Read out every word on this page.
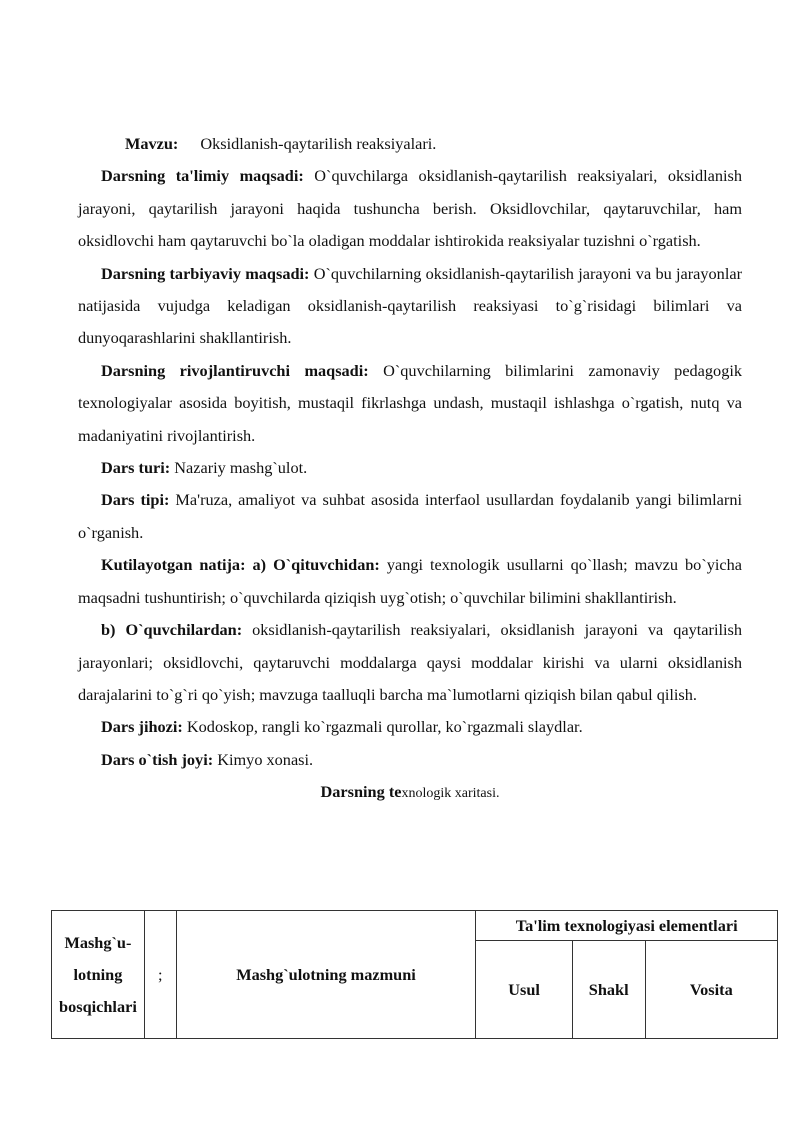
Mavzu: Oksidlanish-qaytarilish reaksiyalari.

Darsning ta'limiy maqsadi: O`quvchilarga oksidlanish-qaytarilish reaksiyalari, oksidlanish jarayoni, qaytarilish jarayoni haqida tushuncha berish. Oksidlovchilar, qaytaruvchilar, ham oksidlovchi ham qaytaruvchi bo`la oladigan moddalar ishtirokida reaksiyalar tuzishni o`rgatish.

Darsning tarbiyaviy maqsadi: O`quvchilarning oksidlanish-qaytarilish jarayoni va bu jarayonlar natijasida vujudga keladigan oksidlanish-qaytarilish reaksiyasi to`g`risidagi bilimlari va dunyoqarashlarini shakllantirish.

Darsning rivojlantiruvchi maqsadi: O`quvchilarning bilimlarini zamonaviy pedagogik texnologiyalar asosida boyitish, mustaqil fikrlashga undash, mustaqil ishlashga o`rgatish, nutq va madaniyatini rivojlantirish.

Dars turi: Nazariy mashg`ulot.

Dars tipi: Ma'ruza, amaliyot va suhbat asosida interfaol usullardan foydalanib yangi bilimlarni o`rganish.

Kutilayotgan natija: a) O`qituvchidan: yangi texnologik usullarni qo`llash; mavzu bo`yicha maqsadni tushuntirish; o`quvchilarda qiziqish uyg`otish; o`quvchilar bilimini shakllantirish.

b) O`quvchilardan: oksidlanish-qaytarilish reaksiyalari, oksidlanish jarayoni va qaytarilish jarayonlari; oksidlovchi, qaytaruvchi moddalarga qaysi moddalar kirishi va ularni oksidlanish darajalarini to`g`ri qo`yish; mavzuga taalluqli barcha ma`lumotlarni qiziqish bilan qabul qilish.

Dars jihozi: Kodoskop, rangli ko`rgazmali qurollar, ko`rgazmali slaydlar.

Dars o`tish joyi: Kimyo xonasi.

Darsning texnologik xaritasi.

Mashg`u-lotning bosqichlari	;	Mashg`ulotning mazmuni	Ta'lim texnologiyasi elementlari		
			Usul	Shakl	Vosita
